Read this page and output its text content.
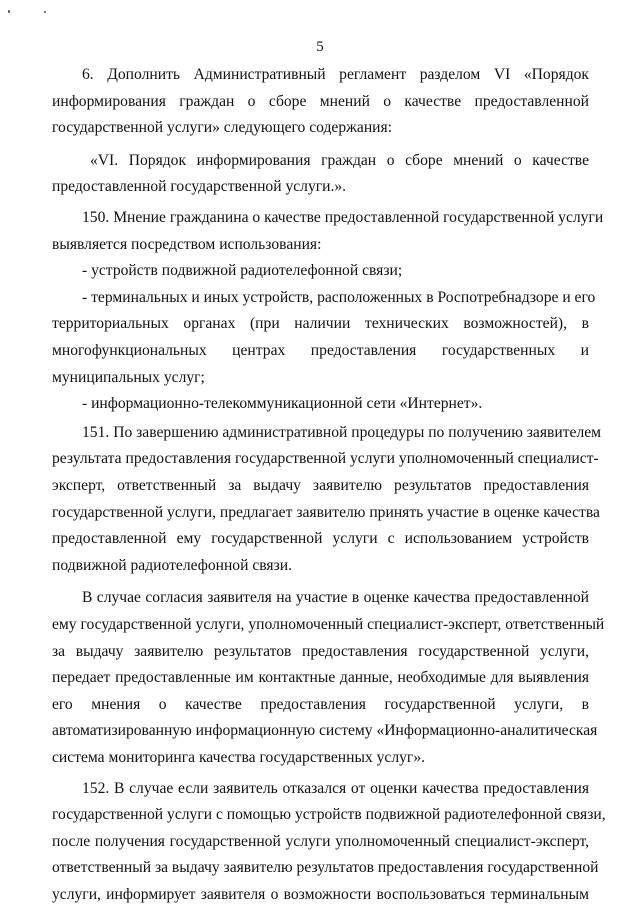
5
6. Дополнить Административный регламент разделом VI «Порядок
информирования граждан о сборе мнений о качестве предоставленной
государственной услуги» следующего содержания:
«VI. Порядок информирования граждан о сборе мнений о качестве
предоставленной государственной услуги.».
150. Мнение гражданина о качестве предоставленной государственной услуги
выявляется посредством использования:
- устройств подвижной радиотелефонной связи;
- терминальных и иных устройств, расположенных в Роспотребнадзоре и его
территориальных органах (при наличии технических возможностей), в
многофункциональных центрах предоставления государственных и
муниципальных услуг;
- информационно-телекоммуникационной сети «Интернет».
151. По завершению административной процедуры по получению заявителем
результата предоставления государственной услуги уполномоченный специалист-
эксперт, ответственный за выдачу заявителю результатов предоставления
государственной услуги, предлагает заявителю принять участие в оценке качества
предоставленной ему государственной услуги с использованием устройств
подвижной радиотелефонной связи.
В случае согласия заявителя на участие в оценке качества предоставленной
ему государственной услуги, уполномоченный специалист-эксперт, ответственный
за выдачу заявителю результатов предоставления государственной услуги,
передает предоставленные им контактные данные, необходимые для выявления
его мнения о качестве предоставления государственной услуги, в
автоматизированную информационную систему «Информационно-аналитическая
система мониторинга качества государственных услуг».
152. В случае если заявитель отказался от оценки качества предоставления
государственной услуги с помощью устройств подвижной радиотелефонной связи,
после получения государственной услуги уполномоченный специалист-эксперт,
ответственный за выдачу заявителю результатов предоставления государственной
услуги, информирует заявителя о возможности воспользоваться терминальным
